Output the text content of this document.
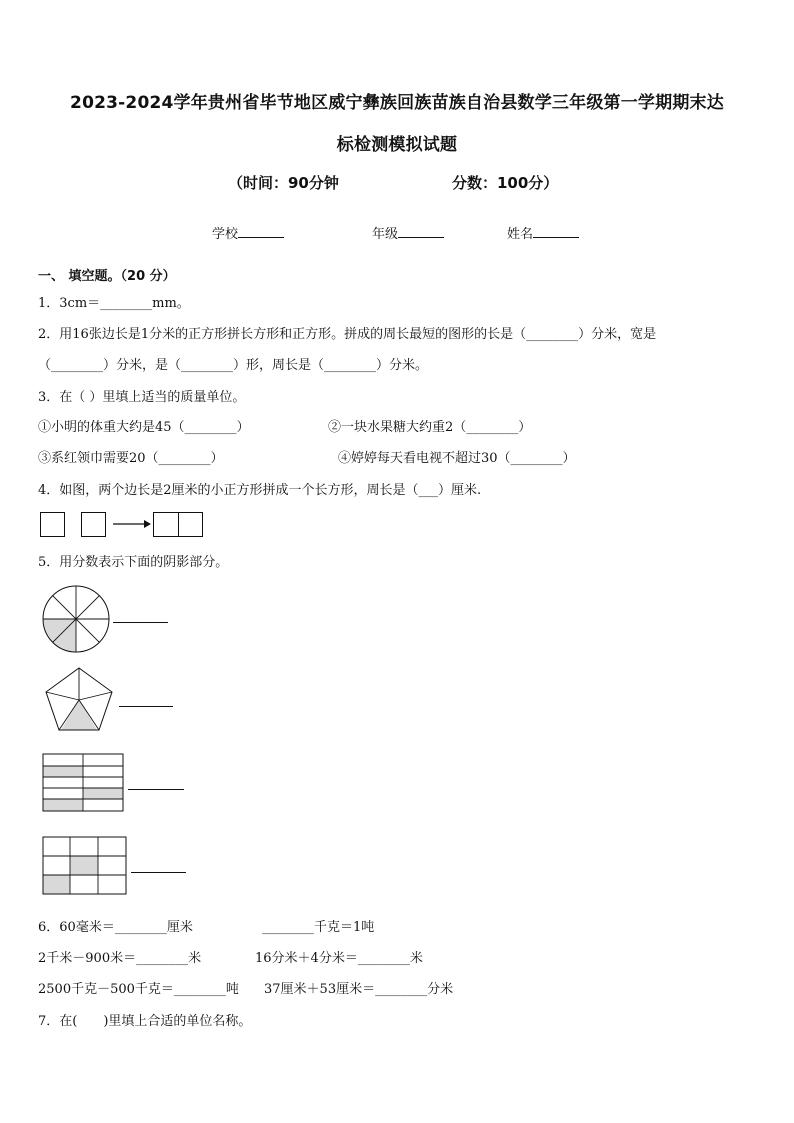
2023-2024学年贵州省毕节地区威宁彝族回族苗族自治县数学三年级第一学期期末达
标检测模拟试题
（时间：90分钟	分数：100分）
学校	年级	姓名
一、 填空题。（20 分）
1．3cm＝________mm。
2．用16张边长是1分米的正方形拼长方形和正方形。拼成的周长最短的图形的长是（________）分米，宽是
（________）分米，是（________）形，周长是（________）分米。
3．在（ ）里填上适当的质量单位。
①小明的体重大约是45（________）	②一块水果糖大约重2（________）
③系红领巾需要20（________）	④婷婷每天看电视不超过30（________）
4．如图，两个边长是2厘米的小正方形拼成一个长方形，周长是（___）厘米.
5．用分数表示下面的阴影部分。
6．60毫米＝________厘米	________千克＝1吨
2千米－900米＝________米	16分米＋4分米＝________米
2500千克－500千克＝________吨 37厘米＋53厘米＝________分米
7．在(　　)里填上合适的单位名称。
